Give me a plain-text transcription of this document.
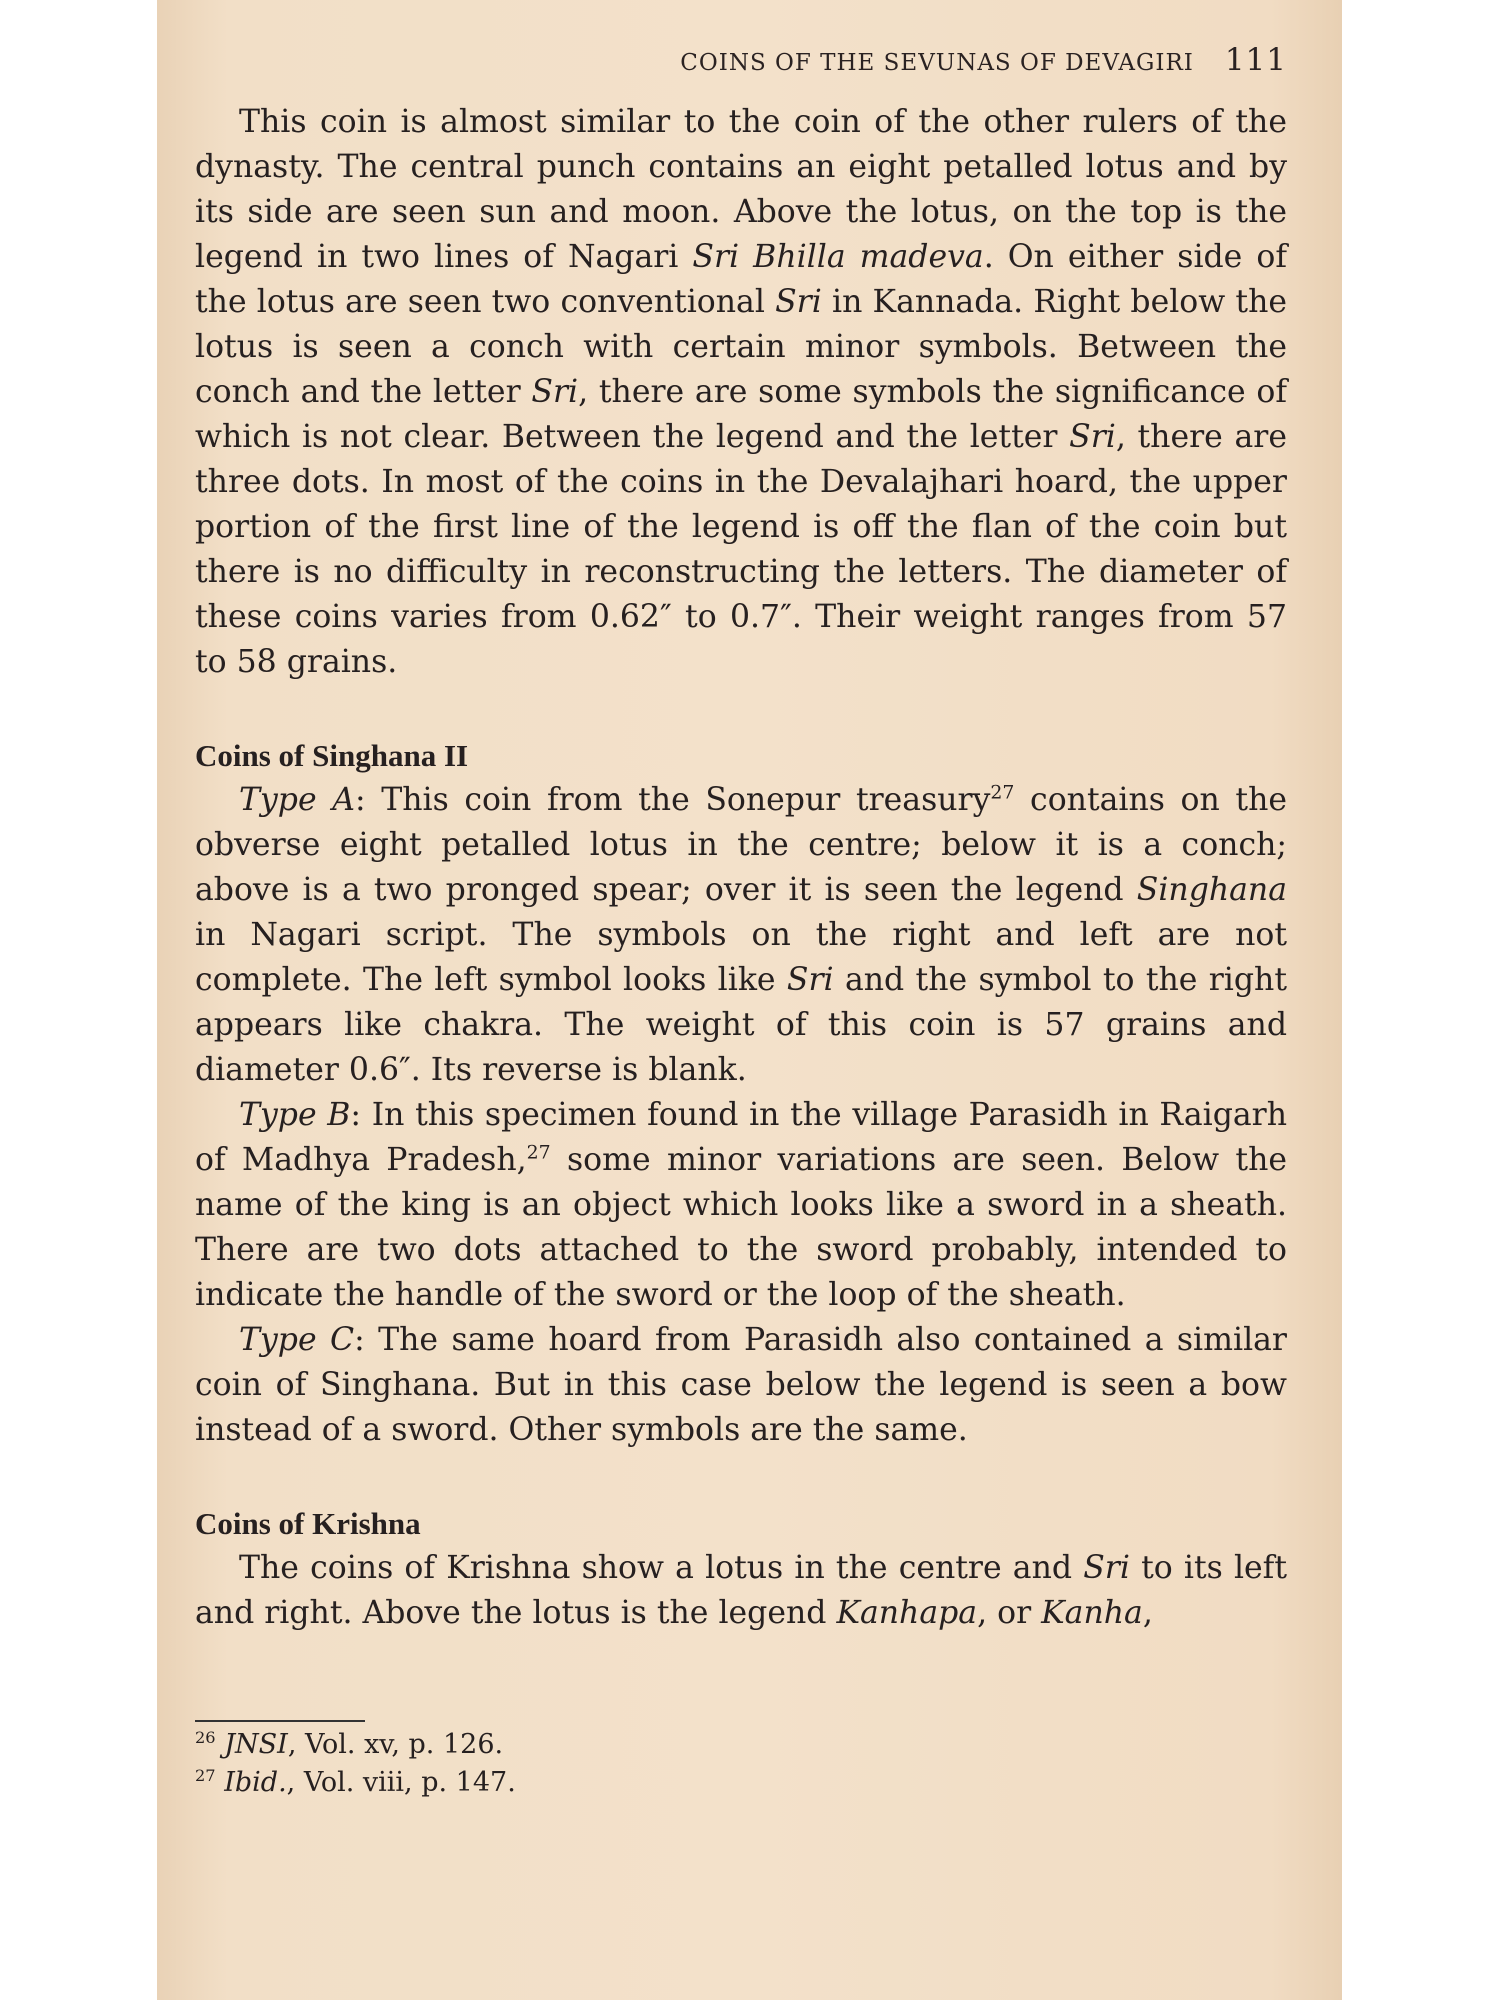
COINS OF THE SEVUNAS OF DEVAGIRI 111

This coin is almost similar to the coin of the other rulers of the dynasty. The central punch contains an eight petalled lotus and by its side are seen sun and moon. Above the lotus, on the top is the legend in two lines of Nagari Sri Bhilla madeva. On either side of the lotus are seen two conventional Sri in Kannada. Right below the lotus is seen a conch with certain minor symbols. Between the conch and the letter Sri, there are some symbols the significance of which is not clear. Between the legend and the letter Sri, there are three dots. In most of the coins in the Devalajhari hoard, the upper portion of the first line of the legend is off the flan of the coin but there is no difficulty in reconstructing the letters. The diameter of these coins varies from 0.62″ to 0.7″. Their weight ranges from 57 to 58 grains.

Coins of Singhana II

Type A: This coin from the Sonepur treasury$^{27}$ contains on the obverse eight petalled lotus in the centre; below it is a conch; above is a two pronged spear; over it is seen the legend Singhana in Nagari script. The symbols on the right and left are not complete. The left symbol looks like Sri and the symbol to the right appears like chakra. The weight of this coin is 57 grains and diameter 0.6″. Its reverse is blank.

Type B: In this specimen found in the village Parasidh in Raigarh of Madhya Pradesh,$^{27}$ some minor variations are seen. Below the name of the king is an object which looks like a sword in a sheath. There are two dots attached to the sword probably, intended to indicate the handle of the sword or the loop of the sheath.

Type C: The same hoard from Parasidh also contained a similar coin of Singhana. But in this case below the legend is seen a bow instead of a sword. Other symbols are the same.

Coins of Krishna

The coins of Krishna show a lotus in the centre and Sri to its left and right. Above the lotus is the legend Kanhapa, or Kanha,

$^{26}$ JNSI, Vol. xv, p. 126.
$^{27}$ Ibid., Vol. viii, p. 147.
